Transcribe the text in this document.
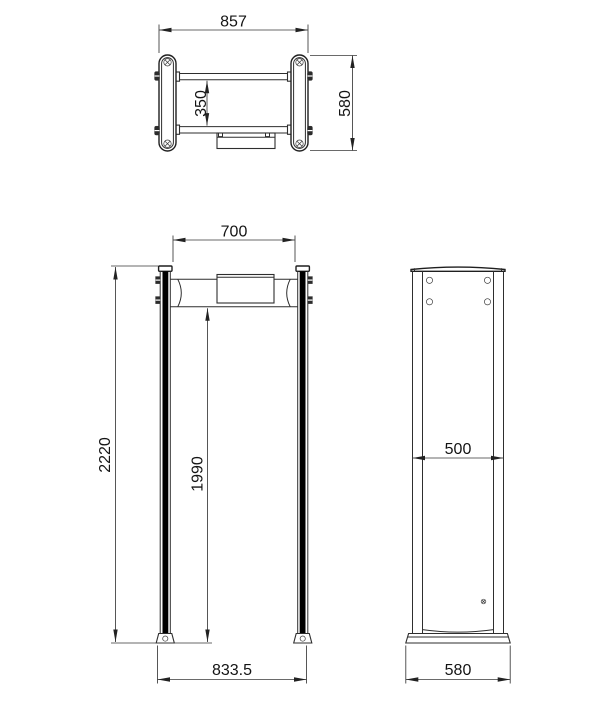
857
350	580
700
2220
1990
833.5
500
580
